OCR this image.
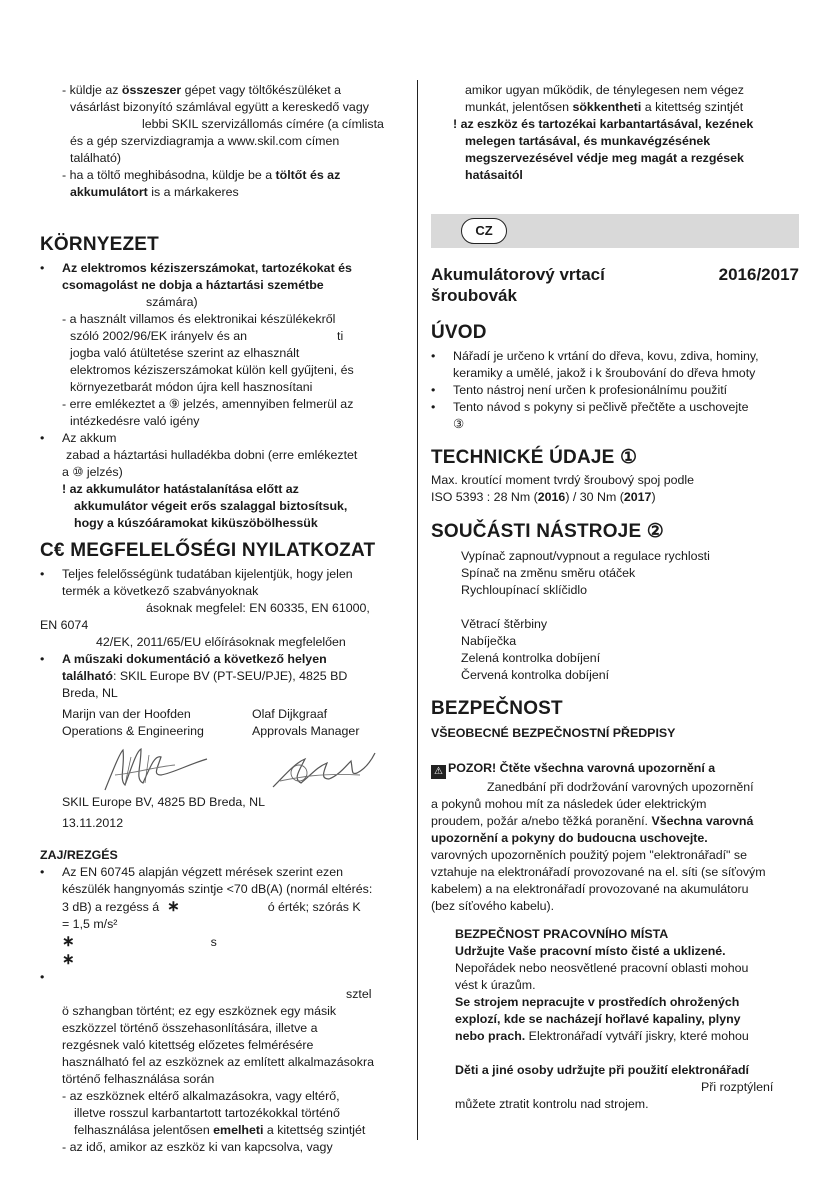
- küldje az összeszer gépet vagy töltőkészüléket a

vásárlást bizonyító számlával együtt a kereskedő vagy

lebbi SKIL szervizállomás címére (a címlista

és a gép szervizdiagramja a www.skil.com címen

található)

- ha a töltő meghibásodna, küldje be a töltőt és az

akkumulátort is a márkakeres

KÖRNYEZET
•	Az elektromos kéziszerszámokat, tartozékokat és

csomagolást ne dobja a háztartási szemétbe

számára)

- a használt villamos és elektronikai készülékekről

szóló 2002/96/EK irányelv és an	ti

jogba való átültetése szerint az elhasznált

elektromos kéziszerszámokat külön kell gyűjteni, és

környezetbarát módon újra kell hasznosítani

- erre emlékeztet a ⑨ jelzés, amennyiben felmerül az

intézkedésre való igény

•	Az akkum

zabad a háztartási hulladékba dobni (erre emlékeztet

a ⑩ jelzés)

! az akkumulátor hatástalanítása előtt az

akkumulátor végeit erős szalaggal biztosítsuk,

hogy a kúszóáramokat kiküszöbölhessük

C€ MEGFELELŐSÉGI NYILATKOZAT
•	Teljes felelősségünk tudatában kijelentjük, hogy jelen

termék a következő szabványoknak

ásoknak megfelel: EN 60335, EN 61000,

EN 6074

42/EK, 2011/65/EU előírásoknak megfelelően

•	A műszaki dokumentáció a következő helyen

található: SKIL Europe BV (PT-SEU/PJE), 4825 BD

Breda, NL

Marijn van der Hoofden

Operations & Engineering

Olaf Dijkgraaf

Approvals Manager

SKIL Europe BV, 4825 BD Breda, NL

13.11.2012

ZAJ/REZGÉS
•	Az EN 60745 alapján végzett mérések szerint ezen

készülék hangnyomás szintje <70 dB(A) (normál eltérés:

3 dB) a rezgéss á ∗	ó érték; szórás K

= 1,5 m/s²

∗	s

∗

•

sztel

ö szhangban történt; ez egy eszköznek egy másik

eszközzel történő összehasonlítására, illetve a

rezgésnek való kitettség előzetes felmérésére

használható fel az eszköznek az említett alkalmazásokra

történő felhasználása során

- az eszköznek eltérő alkalmazásokra, vagy eltérő,

illetve rosszul karbantartott tartozékokkal történő

felhasználása jelentősen emelheti a kitettség szintjét

- az idő, amikor az eszköz ki van kapcsolva, vagy

amikor ugyan működik, de ténylegesen nem végez

munkát, jelentősen sökkentheti a kitettség szintjét

! az eszköz és tartozékai karbantartásával, kezének

melegen tartásával, és munkavégzésének

megszervezésével védje meg magát a rezgések

hatásaitól

CZ

Akumulátorový vrtací

šroubovák

2016/2017
ÚVOD
•	Nářadí je určeno k vrtání do dřeva, kovu, zdiva, hominy,

keramiky a umělé, jakož i k šroubování do dřeva hmoty

•	Tento nástroj není určen k profesionálnímu použití

•	Tento návod s pokyny si pečlivě přečtěte a uschovejte

③

TECHNICKÉ ÚDAJE ①

Max. kroutící moment tvrdý šroubový spoj podle

ISO 5393 : 28 Nm (2016) / 30 Nm (2017)

SOUČÁSTI NÁSTROJE ②

Vypínač zapnout/vypnout a regulace rychlosti

Spínač na změnu směru otáček

Rychloupínací sklíčidlo

Větrací štěrbiny

Nabíječka

Zelená kontrolka dobíjení

Červená kontrolka dobíjení

BEZPEČNOST
VŠEOBECNÉ BEZPEČNOSTNÍ PŘEDPISY

⚠ POZOR! Čtěte všechna varovná upozornění a

Zanedbání při dodržování varovných upozornění

a pokynů mohou mít za následek úder elektrickým

proudem, požár a/nebo těžká poranění. Všechna varovná

upozornění a pokyny do budoucna uschovejte.

varovných upozorněních použitý pojem "elektronářadí" se

vztahuje na elektronářadí provozované na el. síti (se síťovým

kabelem) a na elektronářadí provozované na akumulátoru

(bez síťového kabelu).

BEZPEČNOST PRACOVNÍHO MÍSTA

Udržujte Vaše pracovní místo čisté a uklizené.

Nepořádek nebo neosvětlené pracovní oblasti mohou

vést k úrazům.

Se strojem nepracujte v prostředích ohrožených

explozí, kde se nacházejí hořlavé kapaliny, plyny

nebo prach. Elektronářadí vytváří jiskry, které mohou

Děti a jiné osoby udržujte při použití elektronářadí

Při rozptýlení

můžete ztratit kontrolu nad strojem.
